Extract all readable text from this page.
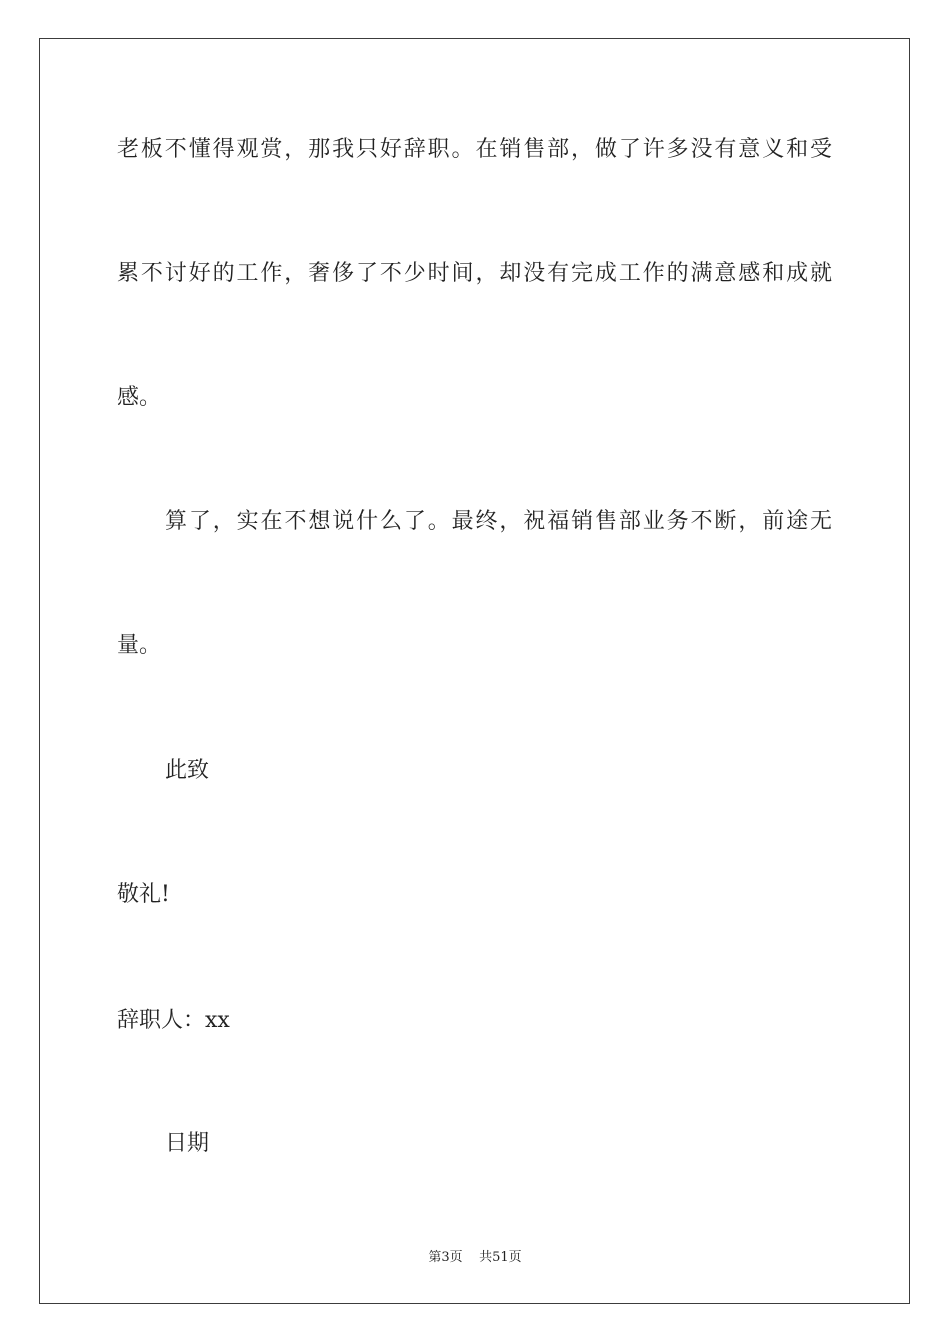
老板不懂得观赏，那我只好辞职。在销售部，做了许多没有意义和受
累不讨好的工作，奢侈了不少时间，却没有完成工作的满意感和成就
感。
算了，实在不想说什么了。最终，祝福销售部业务不断，前途无
量。
此致
敬礼!
辞职人：xx
日期
第3页    共51页
